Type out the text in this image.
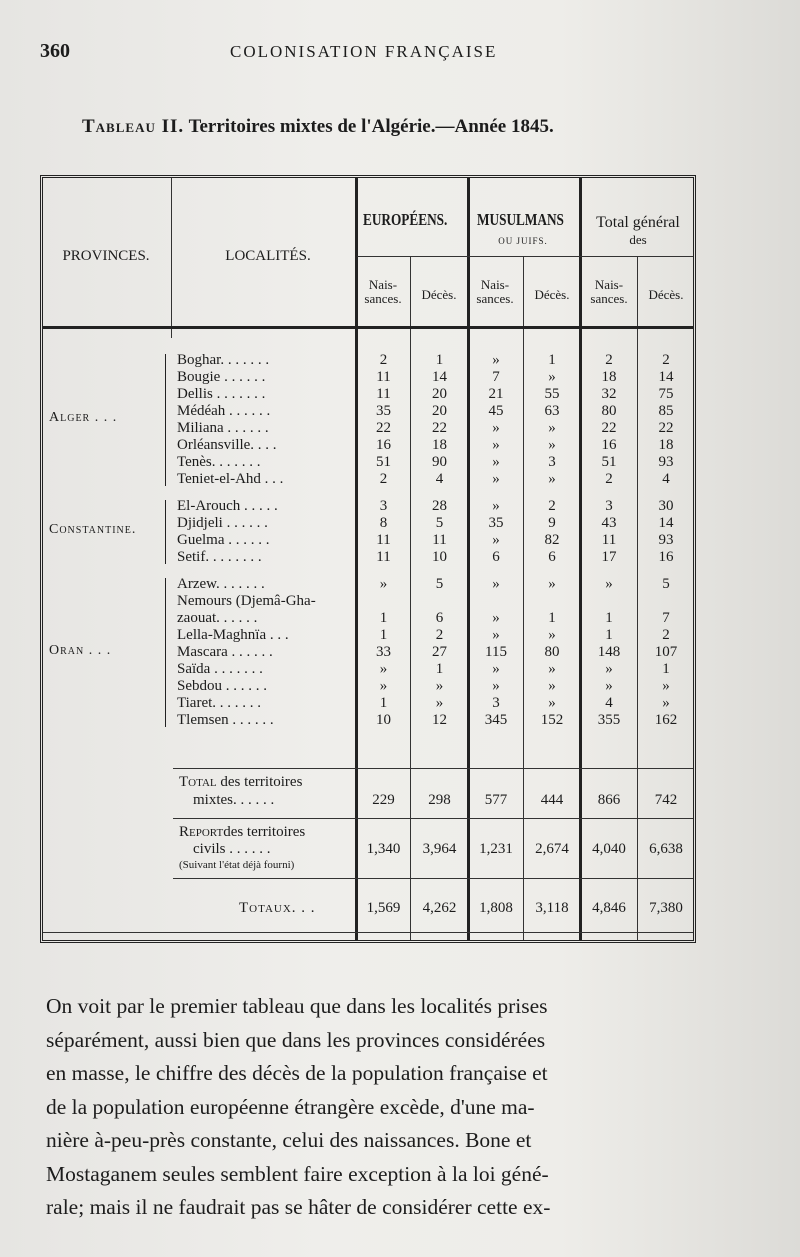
360	COLONISATION FRANÇAISE
Tableau II. Territoires mixtes de l'Algérie.—Année 1845.
PROVINCES.	LOCALITÉS.
EUROPÉENS. MUSULMANS
OU JUIFS.
Total général
des
Nais-sances.	Décès.
Nais-sances.	Décès.
Nais-sances.	Décès.
Boghar. . . . . . .	2	1	»	1	2	2
Bougie . . . . . .	11	14	7	»	18	14
Dellis . . . . . . .	11	20	21	55	32	75
Médéah . . . . . .	35	20	45	63	80	85
Miliana . . . . . .	22	22	»	»	22	22
Orléansville. . . .	16	18	»	»	16	18
Tenès. . . . . . .	51	90	»	3	51	93
Teniet-el-Ahd . . .	2	4	»	»	2	4
Alger . . .
El-Arouch . . . . .	3	28	»	2	3	30
Djidjeli . . . . . .	8	5	35	9	43	14
Guelma . . . . . .	11	11	»	82	11	93
Setif. . . . . . . .	11	10	6	6	17	16
Constantine.
Arzew. . . . . . .	»	5	»	»	»	5
Nemours (Djemâ-Gha-
zaouat. . . . . .	1	6	»	1	1	7
Lella-Maghnïa . . .	1	2	»	»	1	2
Mascara . . . . . .	33	27	115	80	148	107
Saïda . . . . . . .	»	1	»	»	»	1
Sebdou . . . . . .	»	»	»	»	»	»
Tiaret. . . . . . .	1	»	3	»	4	»
Tlemsen . . . . . .	10	12	345	152	355	162
Oran . . .
Total des territoires
mixtes. . . . . .	229	298	577	444	866	742
Reportdes territoires
civils . . . . . .
(Suivant l'état déjà fourni)
1,340	3,964	1,231	2,674	4,040	6,638
Totaux. . .	1,569	4,262	1,808	3,118	4,846	7,380
On voit par le premier tableau que dans les localités prises
séparément, aussi bien que dans les provinces considérées
en masse, le chiffre des décès de la population française et
de la population européenne étrangère excède, d'une ma-
nière à-peu-près constante, celui des naissances. Bone et
Mostaganem seules semblent faire exception à la loi géné-
rale; mais il ne faudrait pas se hâter de considérer cette ex-
